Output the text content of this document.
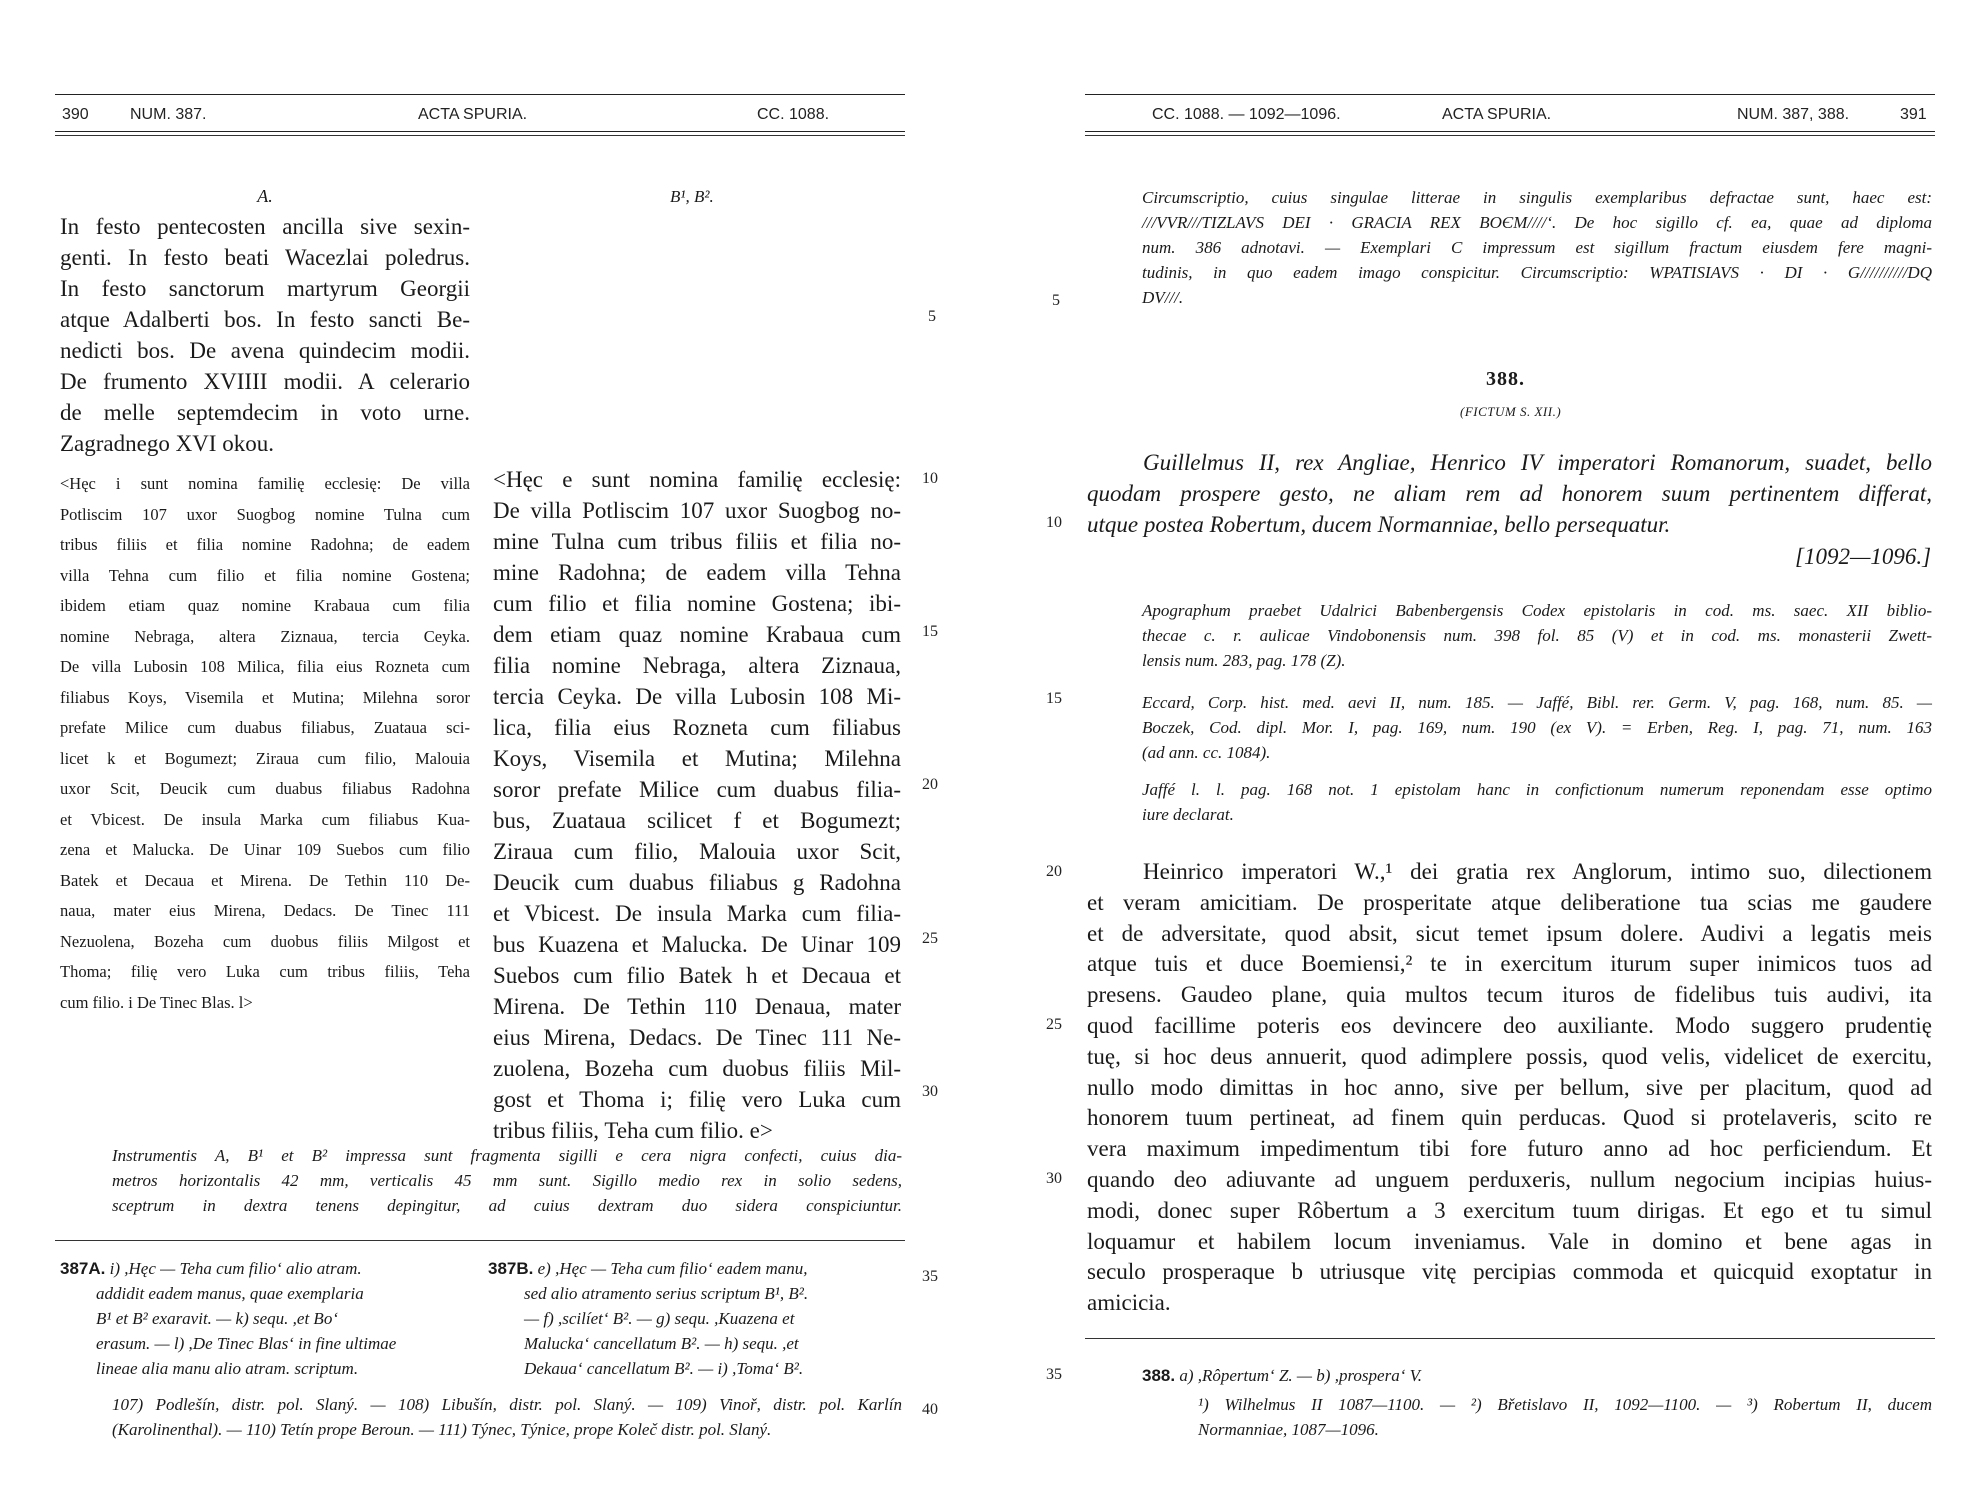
390	NUM. 387.	ACTA SPURIA.	CC. 1088.
A.
In festo pentecosten ancilla sive sexin-
genti. In festo beati Wacezlai poledrus.
In festo sanctorum martyrum Georgii
atque Adalberti bos. In festo sancti Be-
nedicti bos. De avena quindecim modii.
De frumento XVIIII modii. A celerario
de melle septemdecim in voto urne.
Zagradnego XVI okou.
<Hęc i sunt nomina familię ecclesię: De villa
Potliscim 107 uxor Suogbog nomine Tulna cum
tribus filiis et filia nomine Radohna; de eadem
villa Tehna cum filio et filia nomine Gostena;
ibidem etiam quaz nomine Krabaua cum filia
nomine Nebraga, altera Ziznaua, tercia Ceyka.
De villa Lubosin 108 Milica, filia eius Rozneta cum
filiabus Koys, Visemila et Mutina; Milehna soror
prefate Milice cum duabus filiabus, Zuataua sci-
licet k et Bogumezt; Ziraua cum filio, Malouia
uxor Scit, Deucik cum duabus filiabus Radohna
et Vbicest. De insula Marka cum filiabus Kua-
zena et Malucka. De Uinar 109 Suebos cum filio
Batek et Decaua et Mirena. De Tethin 110 De-
naua, mater eius Mirena, Dedacs. De Tinec 111
Nezuolena, Bozeha cum duobus filiis Milgost et
Thoma; filię vero Luka cum tribus filiis, Teha
cum filio. i De Tinec Blas. l>
B¹, B².
<Hęc e sunt nomina familię ecclesię:
De villa Potliscim 107 uxor Suogbog no-
mine Tulna cum tribus filiis et filia no-
mine Radohna; de eadem villa Tehna
cum filio et filia nomine Gostena; ibi-
dem etiam quaz nomine Krabaua cum
filia nomine Nebraga, altera Ziznaua,
tercia Ceyka. De villa Lubosin 108 Mi-
lica, filia eius Rozneta cum filiabus
Koys, Visemila et Mutina; Milehna
soror prefate Milice cum duabus filia-
bus, Zuataua scilicet f et Bogumezt;
Ziraua cum filio, Malouia uxor Scit,
Deucik cum duabus filiabus g Radohna
et Vbicest. De insula Marka cum filia-
bus Kuazena et Malucka. De Uinar 109
Suebos cum filio Batek h et Decaua et
Mirena. De Tethin 110 Denaua, mater
eius Mirena, Dedacs. De Tinec 111 Ne-
zuolena, Bozeha cum duobus filiis Mil-
gost et Thoma i; filię vero Luka cum
tribus filiis, Teha cum filio. e>
5
10
15
20
25
30
35
40
Instrumentis A, B¹ et B² impressa sunt fragmenta sigilli e cera nigra confecti, cuius dia-
metros horizontalis 42 mm, verticalis 45 mm sunt. Sigillo medio rex in solio sedens,
sceptrum in dextra tenens depingitur, ad cuius dextram duo sidera conspiciuntur.
387A. i) ,Hęc — Teha cum filio‘ alio atram.
addidit eadem manus, quae exemplaria
B¹ et B² exaravit. — k) sequ. ,et Bo‘
erasum. — l) ,De Tinec Blas‘ in fine ultimae
lineae alia manu alio atram. scriptum.
387B. e) ,Hęc — Teha cum filio‘ eadem manu,
sed alio atramento serius scriptum B¹, B².
— f) ,scilíet‘ B². — g) sequ. ,Kuazena et
Malucka‘ cancellatum B². — h) sequ. ,et
Dekaua‘ cancellatum B². — i) ,Toma‘ B².
107) Podlešín, distr. pol. Slaný. — 108) Libušín, distr. pol. Slaný. — 109) Vinoř, distr. pol. Karlín
(Karolinenthal). — 110) Tetín prope Beroun. — 111) Týnec, Týnice, prope Koleč distr. pol. Slaný.
CC. 1088. — 1092—1096.	ACTA SPURIA.	NUM. 387, 388.	391
Circumscriptio, cuius singulae litterae in singulis exemplaribus defractae sunt, haec est:
///VVR///TIZLAVS DEI · GRACIA REX BOЄM////‘. De hoc sigillo cf. ea, quae ad diploma
num. 386 adnotavi. — Exemplari C impressum est sigillum fractum eiusdem fere magni-
tudinis, in quo eadem imago conspicitur. Circumscriptio: WPATISIAVS · DI · G//////////DQ
DV///.
388.
(FICTUM S. XII.)
Guillelmus II, rex Angliae, Henrico IV imperatori Romanorum, suadet, bello
quodam prospere gesto, ne aliam rem ad honorem suum pertinentem differat,
utque postea Robertum, ducem Normanniae, bello persequatur.
[1092—1096.]
Apographum praebet Udalrici Babenbergensis Codex epistolaris in cod. ms. saec. XII biblio-
thecae c. r. aulicae Vindobonensis num. 398 fol. 85 (V) et in cod. ms. monasterii Zwett-
lensis num. 283, pag. 178 (Z).
Eccard, Corp. hist. med. aevi II, num. 185. — Jaffé, Bibl. rer. Germ. V, pag. 168, num. 85. —
Boczek, Cod. dipl. Mor. I, pag. 169, num. 190 (ex V). = Erben, Reg. I, pag. 71, num. 163
(ad ann. cc. 1084).
Jaffé l. l. pag. 168 not. 1 epistolam hanc in confictionum numerum reponendam esse optimo
iure declarat.
Heinrico imperatori W.,¹ dei gratia rex Anglorum, intimo suo, dilectionem
et veram amicitiam. De prosperitate atque deliberatione tua scias me gaudere
et de adversitate, quod absit, sicut temet ipsum dolere. Audivi a legatis meis
atque tuis et duce Boemiensi,² te in exercitum iturum super inimicos tuos ad
presens. Gaudeo plane, quia multos tecum ituros de fidelibus tuis audivi, ita
quod facillime poteris eos devincere deo auxiliante. Modo suggero prudentię
tuę, si hoc deus annuerit, quod adimplere possis, quod velis, videlicet de exercitu,
nullo modo dimittas in hoc anno, sive per bellum, sive per placitum, quod ad
honorem tuum pertineat, ad finem quin perducas. Quod si protelaveris, scito re
vera maximum impedimentum tibi fore futuro anno ad hoc perficiendum. Et
quando deo adiuvante ad unguem perduxeris, nullum negocium incipias huius-
modi, donec super Rôbertum a 3 exercitum tuum dirigas. Et ego et tu simul
loquamur et habilem locum inveniamus. Vale in domino et bene agas in
seculo prosperaque b utriusque vitę percipias commoda et quicquid exoptatur in
amicicia.
5
10
15
20
25
30
35	388. a) ,Rôpertum‘ Z. — b) ,prospera‘ V.
¹) Wilhelmus II 1087—1100. — ²) Břetislavo II, 1092—1100. — ³) Robertum II, ducem
Normanniae, 1087—1096.
